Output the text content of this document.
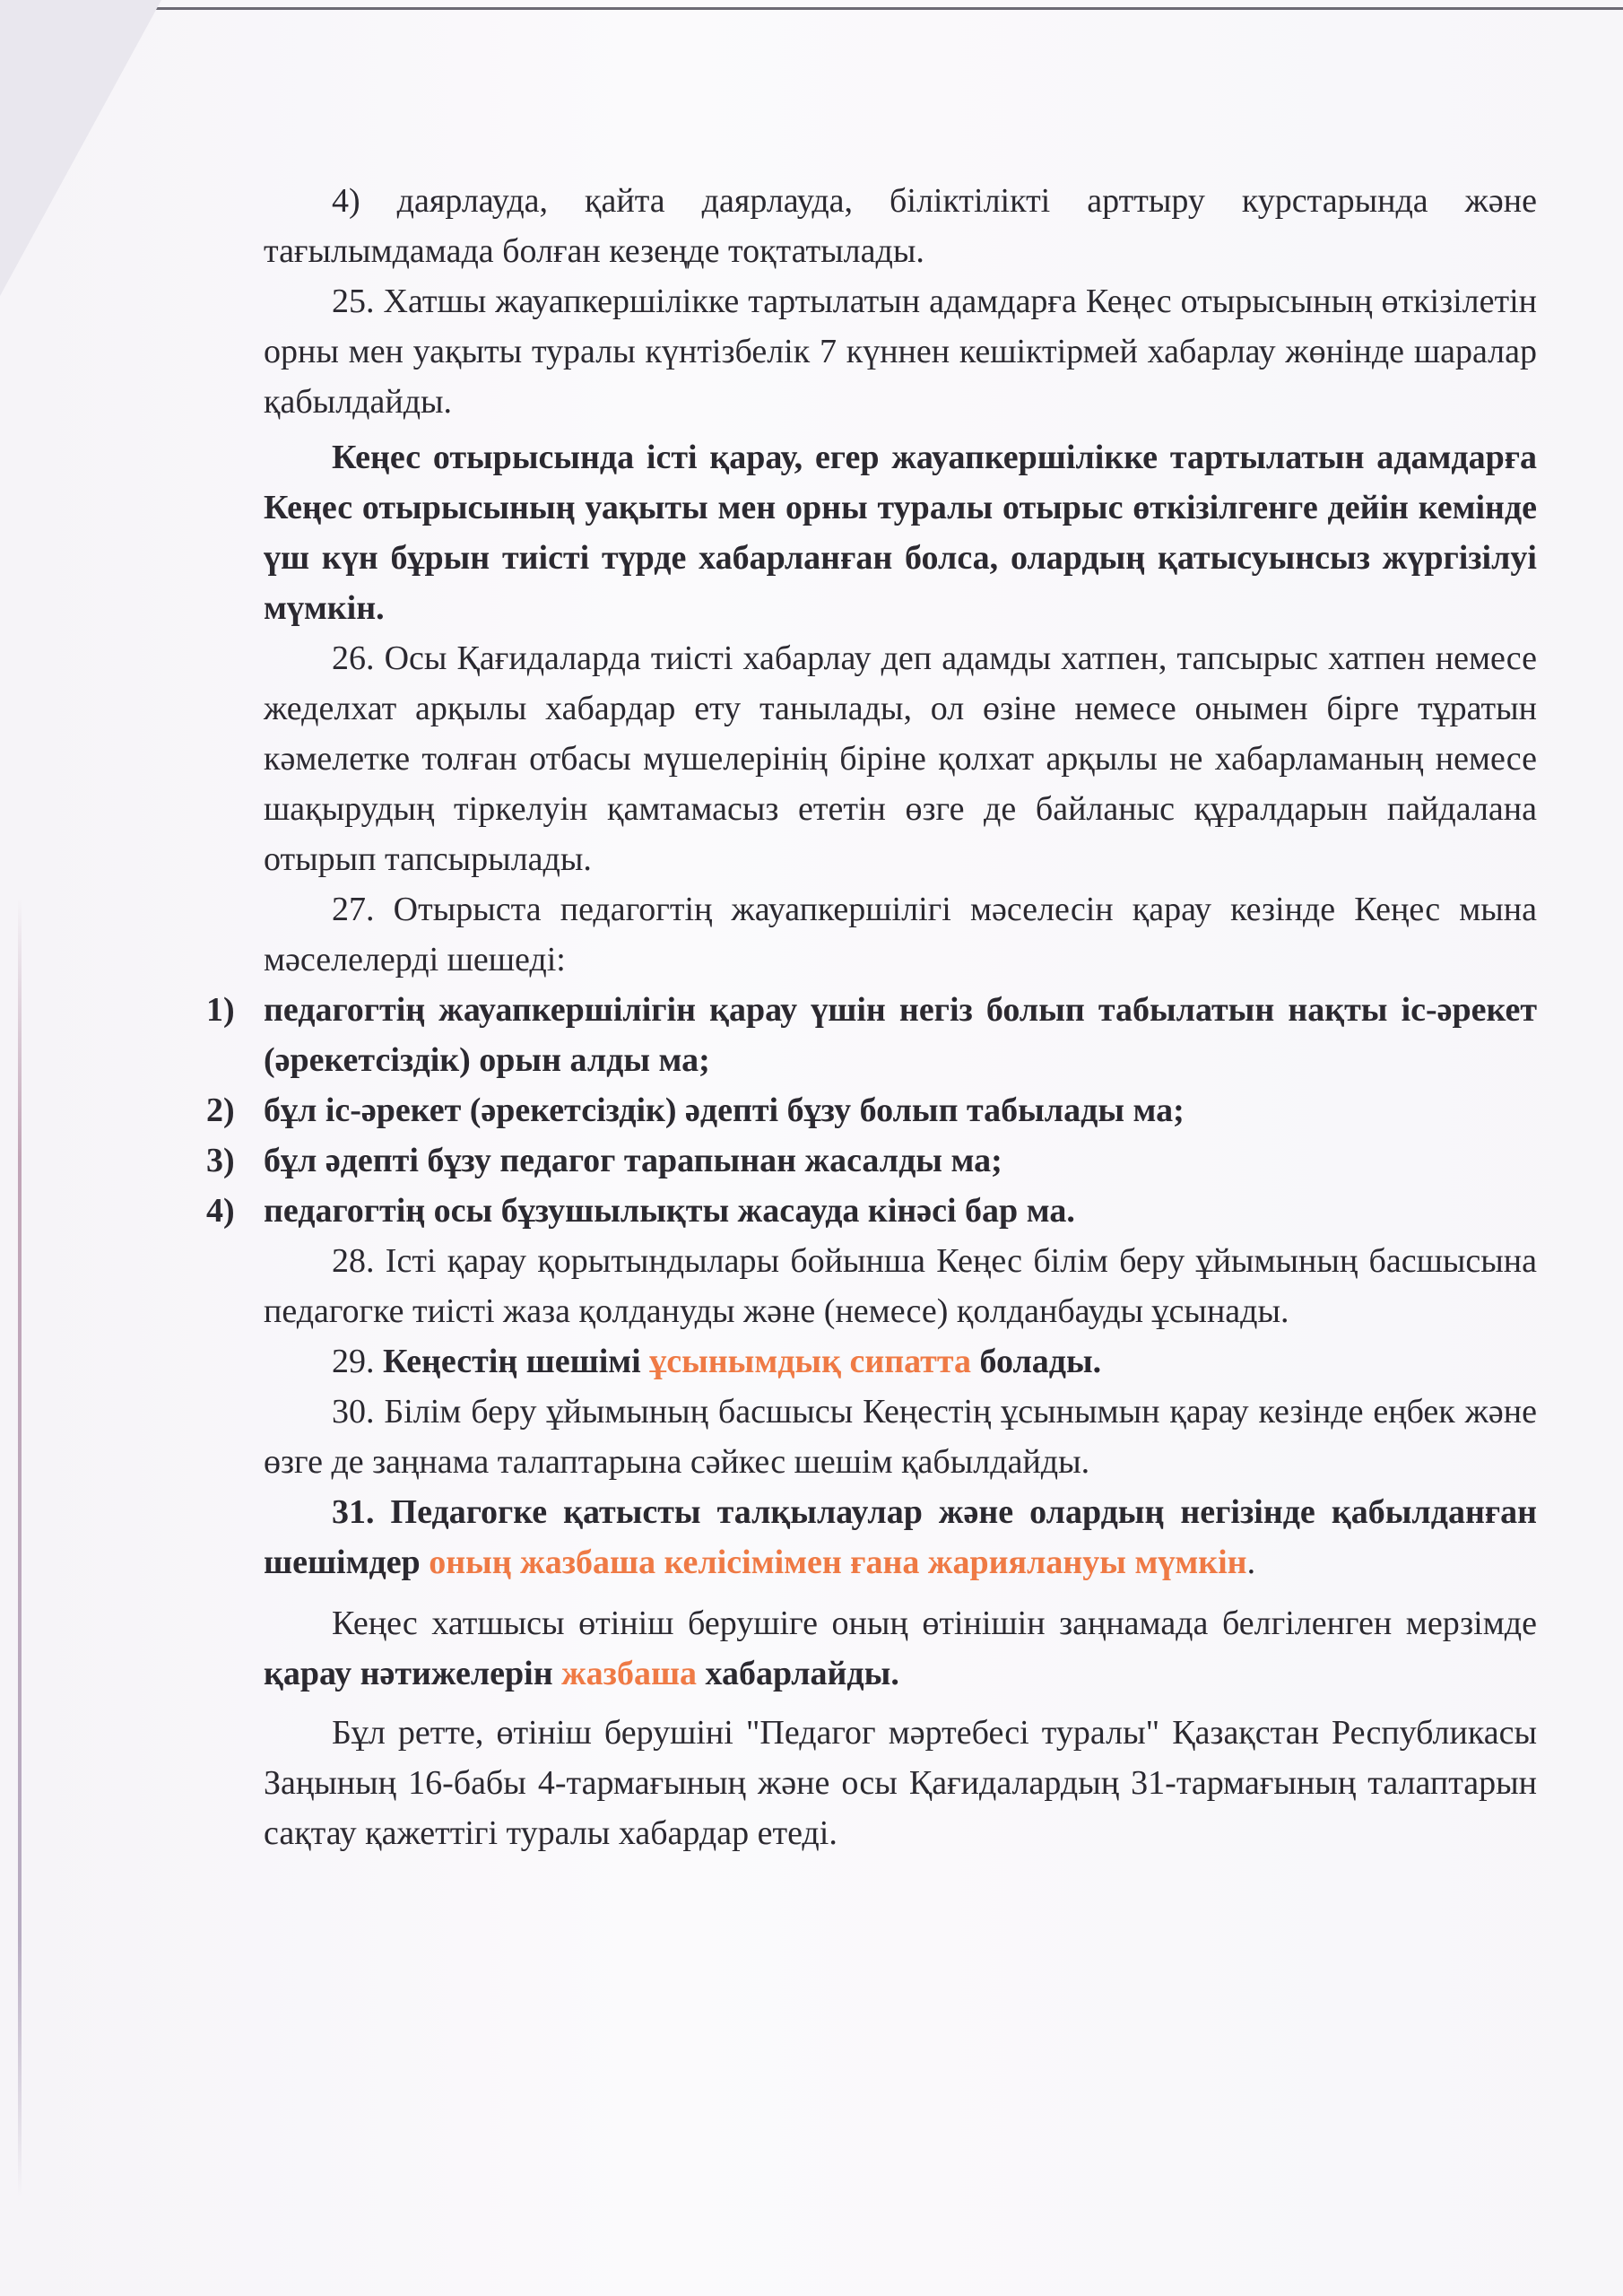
4) даярлауда, қайта даярлауда, біліктілікті арттыру курстарында және тағылымдамада болған кезеңде тоқтатылады.

25. Хатшы жауапкершілікке тартылатын адамдарға Кеңес отырысының өткізілетін орны мен уақыты туралы күнтізбелік 7 күннен кешіктірмей хабарлау жөнінде шаралар қабылдайды.

Кеңес отырысында істі қарау, егер жауапкершілікке тартылатын адамдарға Кеңес отырысының уақыты мен орны туралы отырыс өткізілгенге дейін кемінде үш күн бұрын тиісті түрде хабарланған болса, олардың қатысуынсыз жүргізілуі мүмкін.

26. Осы Қағидаларда тиісті хабарлау деп адамды хатпен, тапсырыс хатпен немесе жеделхат арқылы хабардар ету танылады, ол өзіне немесе онымен бірге тұратын кәмелетке толған отбасы мүшелерінің біріне қолхат арқылы не хабарламаның немесе шақырудың тіркелуін қамтамасыз ететін өзге де байланыс құралдарын пайдалана отырып тапсырылады.

27. Отырыста педагогтің жауапкершілігі мәселесін қарау кезінде Кеңес мына мәселелерді шешеді:

1) педагогтің жауапкершілігін қарау үшін негіз болып табылатын нақты іс-әрекет (әрекетсіздік) орын алды ма;

2) бұл іс-әрекет (әрекетсіздік) әдепті бұзу болып табылады ма;

3) бұл әдепті бұзу педагог тарапынан жасалды ма;

4) педагогтің осы бұзушылықты жасауда кінәсі бар ма.

28. Істі қарау қорытындылары бойынша Кеңес білім беру ұйымының басшысына педагогке тиісті жаза қолдануды және (немесе) қолданбауды ұсынады.

29. Кеңестің шешімі ұсынымдық сипатта болады.

30. Білім беру ұйымының басшысы Кеңестің ұсынымын қарау кезінде еңбек және өзге де заңнама талаптарына сәйкес шешім қабылдайды.

31. Педагогке қатысты талқылаулар және олардың негізінде қабылданған шешімдер оның жазбаша келісімімен ғана жариялануы мүмкін.

Кеңес хатшысы өтініш берушіге оның өтінішін заңнамада белгіленген мерзімде қарау нәтижелерін жазбаша хабарлайды.

Бұл ретте, өтініш берушіні "Педагог мәртебесі туралы" Қазақстан Республикасы Заңының 16-бабы 4-тармағының және осы Қағидалардың 31-тармағының талаптарын сақтау қажеттігі туралы хабардар етеді.
